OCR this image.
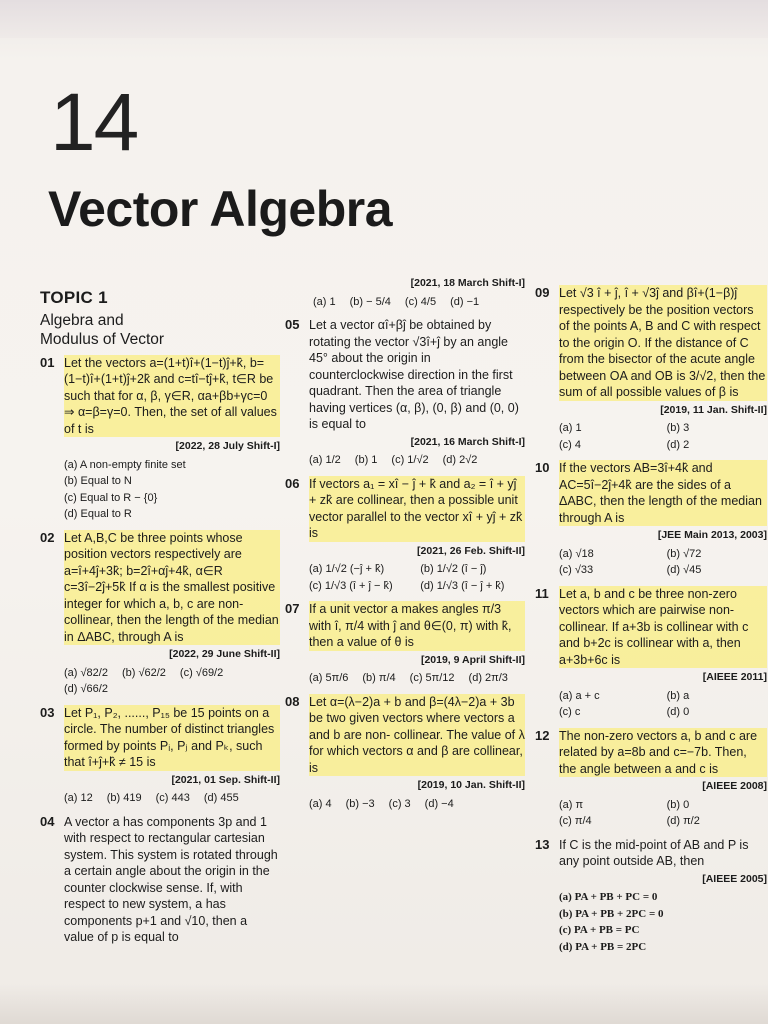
14
Vector Algebra
TOPIC 1
Algebra and
Modulus of Vector
01 Let the vectors a=(1+t)î+(1−t)ĵ+k̂, b=(1−t)î+(1+t)ĵ+2k̂ and c=tî−tĵ+k̂, t∈R be such that for α, β, γ∈R, αa+βb+γc=0 ⇒ α=β=γ=0. Then, the set of all values of t is

[2022, 28 July Shift-I]
(a) A non-empty finite set
(b) Equal to N
(c) Equal to R − {0}
(d) Equal to R
02 Let A,B,C be three points whose position vectors respectively are a=î+4ĵ+3k̂; b=2î+αĵ+4k̂, α∈R c=3î−2ĵ+5k̂ If α is the smallest positive integer for which a, b, c are non-collinear, then the length of the median in ΔABC, through A is

[2022, 29 June Shift-II]
(a) √82/2 (b) √62/2 (c) √69/2
(d) √66/2
03 Let P₁, P₂, ......, P₁₅ be 15 points on a circle. The number of distinct triangles formed by points Pᵢ, Pⱼ and Pₖ, such that î+ĵ+k̂ ≠ 15 is

[2021, 01 Sep. Shift-II]
(a) 12 (b) 419 (c) 443 (d) 455
04 A vector a has components 3p and 1 with respect to rectangular cartesian system. This system is rotated through a certain angle about the origin in the counter clockwise sense. If, with respect to new system, a has components p+1 and √10, then a value of p is equal to

[2021, 18 March Shift-I]
(a) 1 (b) − 5/4 (c) 4/5 (d) −1
05 Let a vector αî+βĵ be obtained by rotating the vector √3î+ĵ by an angle 45° about the origin in counterclockwise direction in the first quadrant. Then the area of triangle having vertices (α, β), (0, β) and (0, 0) is equal to

[2021, 16 March Shift-I]
(a) 1/2 (b) 1 (c) 1/√2 (d) 2√2
06 If vectors a₁ = xî − ĵ + k̂ and a₂ = î + yĵ + zk̂ are collinear, then a possible unit vector parallel to the vector xî + yĵ + zk̂ is

[2021, 26 Feb. Shift-II]
(a) 1/√2 (−ĵ + k̂)	(b) 1/√2 (î − ĵ)
(c) 1/√3 (î + ĵ − k̂)	(d) 1/√3 (î − ĵ + k̂)
07 If a unit vector a makes angles π/3 with î, π/4 with ĵ and θ∈(0, π) with k̂, then a value of θ is

[2019, 9 April Shift-II]
(a) 5π/6 (b) π/4 (c) 5π/12 (d) 2π/3
08 Let α=(λ−2)a + b and β=(4λ−2)a + 3b be two given vectors where vectors a and b are non- collinear. The value of λ for which vectors α and β are collinear, is

[2019, 10 Jan. Shift-II]
(a) 4 (b) −3 (c) 3 (d) −4
09 Let √3 î + ĵ, î + √3ĵ and βî+(1−β)ĵ respectively be the position vectors of the points A, B and C with respect to the origin O. If the distance of C from the bisector of the acute angle between OA and OB is 3/√2, then the sum of all possible values of β is

[2019, 11 Jan. Shift-II]
(a) 1	(b) 3
(c) 4	(d) 2
10 If the vectors AB=3î+4k̂ and AC=5î−2ĵ+4k̂ are the sides of a ΔABC, then the length of the median through A is

[JEE Main 2013, 2003]
(a) √18	(b) √72
(c) √33	(d) √45
11 Let a, b and c be three non-zero vectors which are pairwise non-collinear. If a+3b is collinear with c and b+2c is collinear with a, then a+3b+6c is

[AIEEE 2011]
(a) a + c	(b) a
(c) c	(d) 0
12 The non-zero vectors a, b and c are related by a=8b and c=−7b. Then, the angle between a and c is

[AIEEE 2008]
(a) π	(b) 0
(c) π/4	(d) π/2
13 If C is the mid-point of AB and P is any point outside AB, then

[AIEEE 2005]
(a) PA + PB + PC = 0
(b) PA + PB + 2PC = 0
(c) PA + PB = PC
(d) PA + PB = 2PC
